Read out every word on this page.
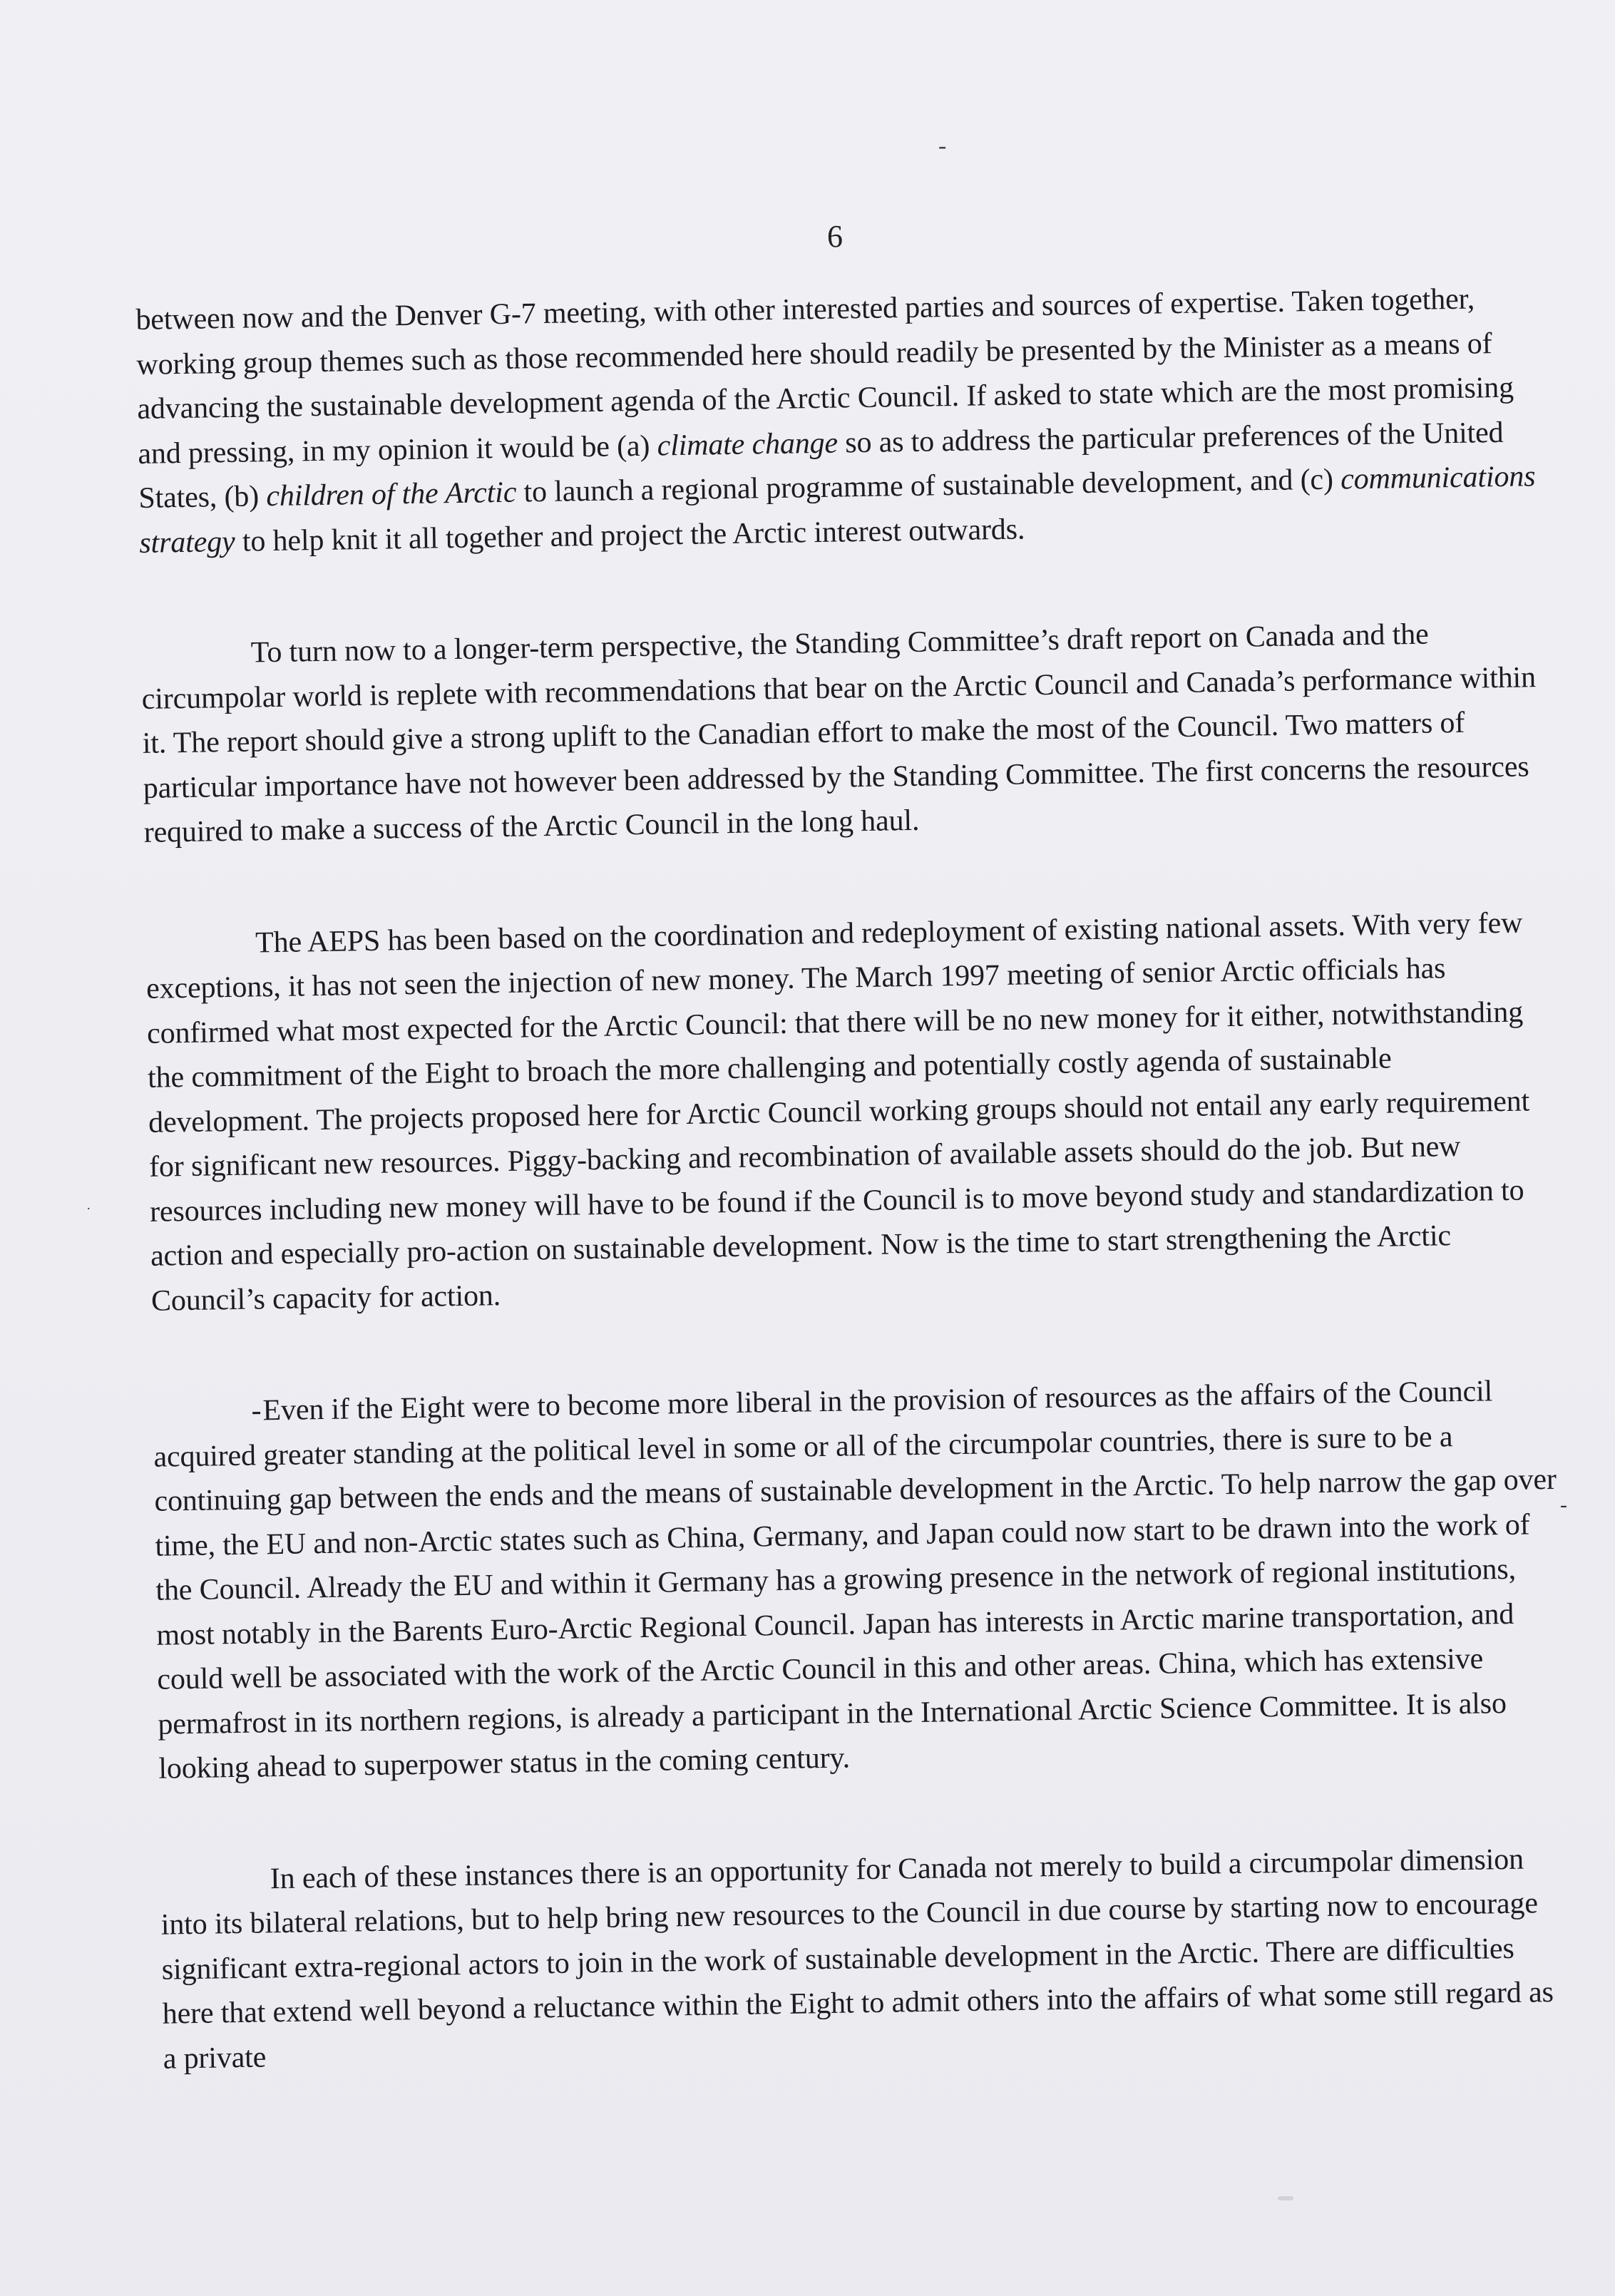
-
6

between now and the Denver G-7 meeting, with other interested parties and sources of expertise. Taken together, working group themes such as those recommended here should readily be presented by the Minister as a means of advancing the sustainable development agenda of the Arctic Council. If asked to state which are the most promising and pressing, in my opinion it would be (a) climate change so as to address the particular preferences of the United States, (b) children of the Arctic to launch a regional programme of sustainable development, and (c) communications strategy to help knit it all together and project the Arctic interest outwards.

To turn now to a longer-term perspective, the Standing Committee’s draft report on Canada and the circumpolar world is replete with recommendations that bear on the Arctic Council and Canada’s performance within it. The report should give a strong uplift to the Canadian effort to make the most of the Council. Two matters of particular importance have not however been addressed by the Standing Committee. The first concerns the resources required to make a success of the Arctic Council in the long haul.

The AEPS has been based on the coordination and redeployment of existing national assets. With very few exceptions, it has not seen the injection of new money. The March 1997 meeting of senior Arctic officials has confirmed what most expected for the Arctic Council: that there will be no new money for it either, notwithstanding the commitment of the Eight to broach the more challenging and potentially costly agenda of sustainable development. The projects proposed here for Arctic Council working groups should not entail any early requirement for significant new resources. Piggy-backing and recombination of available assets should do the job. But new resources including new money will have to be found if the Council is to move beyond study and standardization to action and especially pro-action on sustainable development. Now is the time to start strengthening the Arctic Council’s capacity for action.

- Even if the Eight were to become more liberal in the provision of resources as the affairs of the Council acquired greater standing at the political level in some or all of the circumpolar countries, there is sure to be a continuing gap between the ends and the means of sustainable development in the Arctic. To help narrow the gap over time, the EU and non-Arctic states such as China, Germany, and Japan could now start to be drawn into the work of the Council. Already the EU and within it Germany has a growing presence in the network of regional institutions, most notably in the Barents Euro-Arctic Regional Council. Japan has interests in Arctic marine transportation, and could well be associated with the work of the Arctic Council in this and other areas. China, which has extensive permafrost in its northern regions, is already a participant in the International Arctic Science Committee. It is also looking ahead to superpower status in the coming century.

In each of these instances there is an opportunity for Canada not merely to build a circumpolar dimension into its bilateral relations, but to help bring new resources to the Council in due course by starting now to encourage significant extra-regional actors to join in the work of sustainable development in the Arctic. There are difficulties here that extend well beyond a reluctance within the Eight to admit others into the affairs of what some still regard as a private

-
.
